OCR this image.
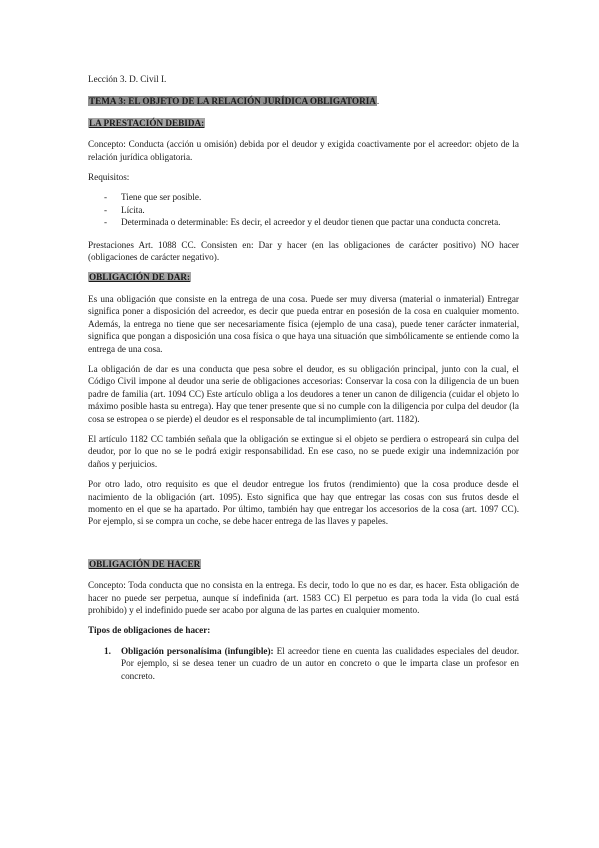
Lección 3. D. Civil I.

TEMA 3: EL OBJETO DE LA RELACIÓN JURÍDICA OBLIGATORIA.

LA PRESTACIÓN DEBIDA:

Concepto: Conducta (acción u omisión) debida por el deudor y exigida coactivamente por el acreedor: objeto de la relación jurídica obligatoria.

Requisitos:

- Tiene que ser posible.
- Lícita.
- Determinada o determinable: Es decir, el acreedor y el deudor tienen que pactar una conducta concreta.

Prestaciones Art. 1088 CC. Consisten en: Dar y hacer (en las obligaciones de carácter positivo) NO hacer (obligaciones de carácter negativo).

OBLIGACIÓN DE DAR:

Es una obligación que consiste en la entrega de una cosa. Puede ser muy diversa (material o inmaterial) Entregar significa poner a disposición del acreedor, es decir que pueda entrar en posesión de la cosa en cualquier momento. Además, la entrega no tiene que ser necesariamente física (ejemplo de una casa), puede tener carácter inmaterial, significa que pongan a disposición una cosa física o que haya una situación que simbólicamente se entiende como la entrega de una cosa.

La obligación de dar es una conducta que pesa sobre el deudor, es su obligación principal, junto con la cual, el Código Civil impone al deudor una serie de obligaciones accesorias: Conservar la cosa con la diligencia de un buen padre de familia (art. 1094 CC) Este artículo obliga a los deudores a tener un canon de diligencia (cuidar el objeto lo máximo posible hasta su entrega). Hay que tener presente que si no cumple con la diligencia por culpa del deudor (la cosa se estropea o se pierde) el deudor es el responsable de tal incumplimiento (art. 1182).

El artículo 1182 CC también señala que la obligación se extingue si el objeto se perdiera o estropeará sin culpa del deudor, por lo que no se le podrá exigir responsabilidad. En ese caso, no se puede exigir una indemnización por daños y perjuicios.

Por otro lado, otro requisito es que el deudor entregue los frutos (rendimiento) que la cosa produce desde el nacimiento de la obligación (art. 1095). Esto significa que hay que entregar las cosas con sus frutos desde el momento en el que se ha apartado. Por último, también hay que entregar los accesorios de la cosa (art. 1097 CC). Por ejemplo, si se compra un coche, se debe hacer entrega de las llaves y papeles.

OBLIGACIÓN DE HACER

Concepto: Toda conducta que no consista en la entrega. Es decir, todo lo que no es dar, es hacer. Esta obligación de hacer no puede ser perpetua, aunque sí indefinida (art. 1583 CC) El perpetuo es para toda la vida (lo cual está prohibido) y el indefinido puede ser acabo por alguna de las partes en cualquier momento.

Tipos de obligaciones de hacer:

1. Obligación personalísima (infungible): El acreedor tiene en cuenta las cualidades especiales del deudor. Por ejemplo, si se desea tener un cuadro de un autor en concreto o que le imparta clase un profesor en concreto.
